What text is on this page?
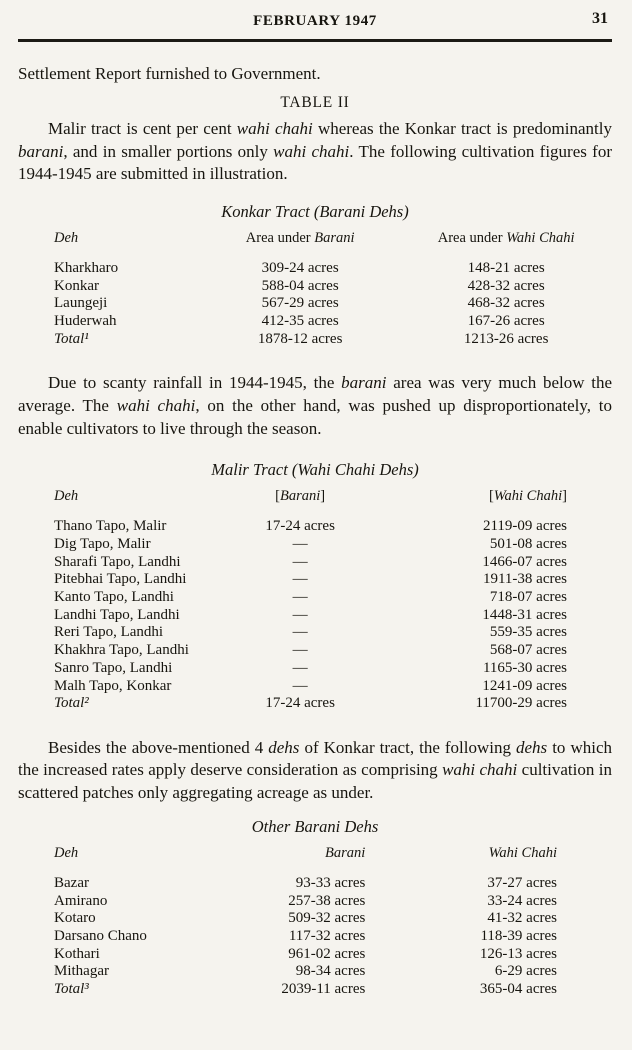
FEBRUARY 1947	31

Settlement Report furnished to Government.

TABLE II

Malir tract is cent per cent wahi chahi whereas the Konkar tract is predominantly barani, and in smaller portions only wahi chahi. The following cultivation figures for 1944-1945 are submitted in illustration.

Konkar Tract (Barani Dehs)

Deh	Area under Barani	Area under Wahi Chahi
Kharkharo	309-24 acres	148-21 acres
Konkar	588-04 acres	428-32 acres
Laungeji	567-29 acres	468-32 acres
Huderwah	412-35 acres	167-26 acres
Total¹	1878-12 acres	1213-26 acres

Due to scanty rainfall in 1944-1945, the barani area was very much below the average. The wahi chahi, on the other hand, was pushed up disproportionately, to enable cultivators to live through the season.

Malir Tract (Wahi Chahi Dehs)

Deh	[Barani]	[Wahi Chahi]
Thano Tapo, Malir	17-24 acres	2119-09 acres
Dig Tapo, Malir	—	501-08 acres
Sharafi Tapo, Landhi	—	1466-07 acres
Pitebhai Tapo, Landhi	—	1911-38 acres
Kanto Tapo, Landhi	—	718-07 acres
Landhi Tapo, Landhi	—	1448-31 acres
Reri Tapo, Landhi	—	559-35 acres
Khakhra Tapo, Landhi	—	568-07 acres
Sanro Tapo, Landhi	—	1165-30 acres
Malh Tapo, Konkar	—	1241-09 acres
Total²	17-24 acres	11700-29 acres

Besides the above-mentioned 4 dehs of Konkar tract, the following dehs to which the increased rates apply deserve consideration as comprising wahi chahi cultivation in scattered patches only aggregating acreage as under.

Other Barani Dehs

Deh	Barani	Wahi Chahi
Bazar	93-33 acres	37-27 acres
Amirano	257-38 acres	33-24 acres
Kotaro	509-32 acres	41-32 acres
Darsano Chano	117-32 acres	118-39 acres
Kothari	961-02 acres	126-13 acres
Mithagar	98-34 acres	6-29 acres
Total³	2039-11 acres	365-04 acres
